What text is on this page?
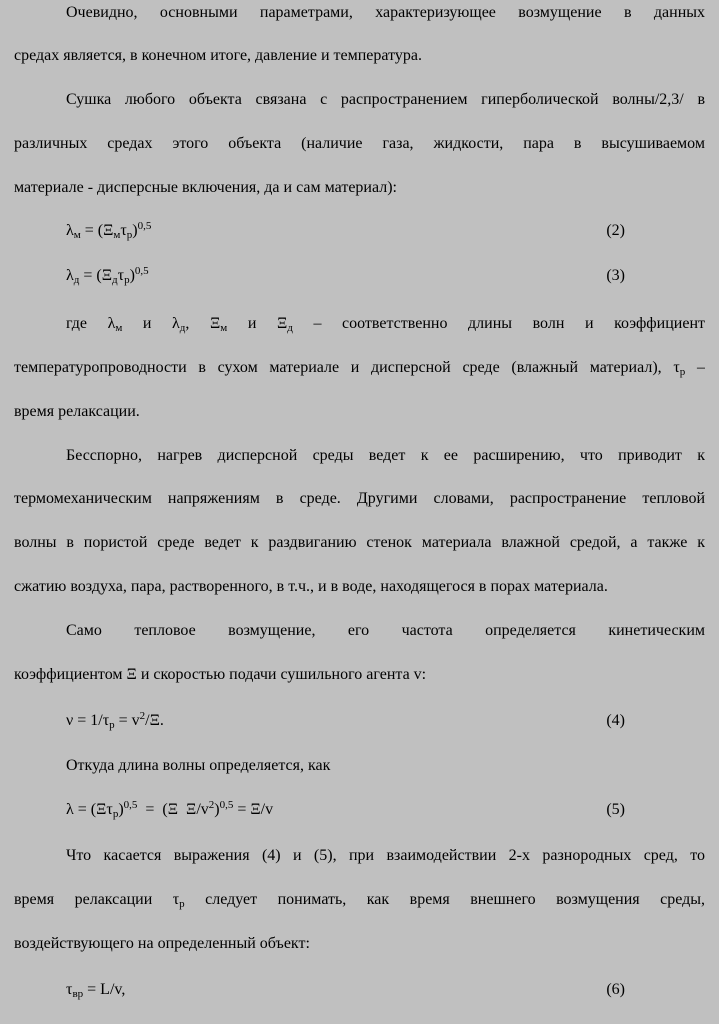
Очевидно, основными параметрами, характеризующее возмущение в данных
средах является, в конечном итоге, давление и температура.
Сушка любого объекта связана с распространением гиперболической волны/2,3/ в
различных средах этого объекта (наличие газа, жидкости, пара в высушиваемом
материале - дисперсные включения, да и сам материал):
$\lambda_м = (\Xi_м\tau_р)^{0,5}$	(2)
$\lambda_д = (\Xi_д\tau_р)^{0,5}$	(3)
где $\lambda_м$ и $\lambda_д$, $\Xi_м$ и $\Xi_д$ – соответственно длины волн и коэффициент
температуропроводности в сухом материале и дисперсной среде (влажный материал), $\tau_р$ –
время релаксации.
Бесспорно, нагрев дисперсной среды ведет к ее расширению, что приводит к
термомеханическим напряжениям в среде. Другими словами, распространение тепловой
волны в пористой среде ведет к раздвиганию стенок материала влажной средой, а также к
сжатию воздуха, пара, растворенного, в т.ч., и в воде, находящегося в порах материала.
Само тепловое возмущение, его частота определяется кинетическим
коэффициентом Ξ и скоростью подачи сушильного агента v:
$\nu = 1/\tau_р = v^2/\Xi$.	(4)
Откуда длина волны определяется, как
$\lambda = (\Xi\tau_р)^{0,5} = (\Xi$  $\Xi/v^2)^{0,5} = \Xi/v$	(5)
Что касается выражения (4) и (5), при взаимодействии 2-х разнородных сред, то
время релаксации $\tau_р$ следует понимать, как время внешнего возмущения среды,
воздействующего на определенный объект:
$\tau_{вр} = L/v$,	(6)
